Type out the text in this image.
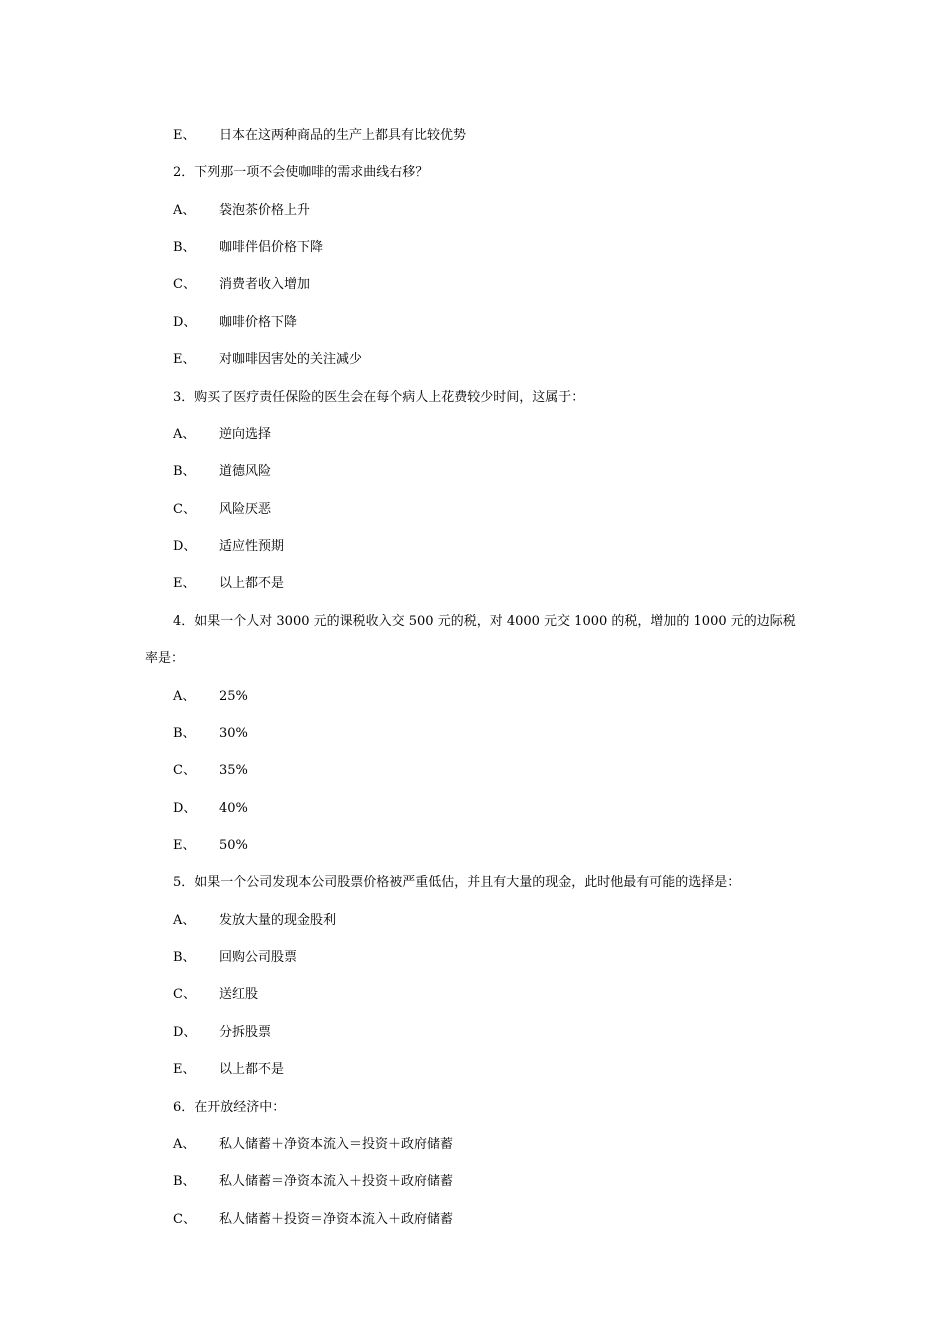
E、 日本在这两种商品的生产上都具有比较优势
2．下列那一项不会使咖啡的需求曲线右移？
A、 袋泡茶价格上升
B、 咖啡伴侣价格下降
C、 消费者收入增加
D、 咖啡价格下降
E、 对咖啡因害处的关注减少
3．购买了医疗责任保险的医生会在每个病人上花费较少时间，这属于：
A、 逆向选择
B、 道德风险
C、 风险厌恶
D、 适应性预期
E、 以上都不是
4．如果一个人对 3000 元的课税收入交 500 元的税，对 4000 元交 1000 的税，增加的 1000 元的边际税
率是：
A、 25%
B、 30%
C、 35%
D、 40%
E、 50%
5．如果一个公司发现本公司股票价格被严重低估，并且有大量的现金，此时他最有可能的选择是：
A、 发放大量的现金股利
B、 回购公司股票
C、 送红股
D、 分拆股票
E、 以上都不是
6．在开放经济中：
A、 私人储蓄＋净资本流入＝投资＋政府储蓄
B、 私人储蓄＝净资本流入＋投资＋政府储蓄
C、 私人储蓄＋投资＝净资本流入＋政府储蓄
